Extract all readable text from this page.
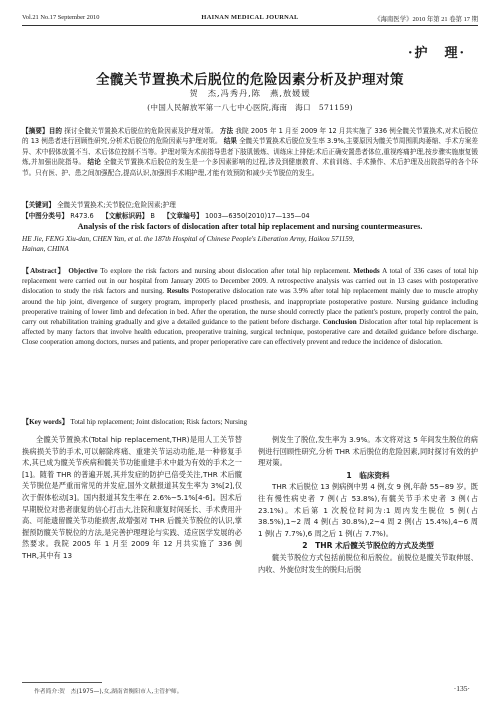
Vol.21 No.17 September 2010	HAINAN MEDICAL JOURNAL	《海南医学》2010 年第 21 卷第 17 期
·护　理·
全髋关节置换术后脱位的危险因素分析及护理对策
贺　杰,冯秀丹,陈　燕,敖媛媛
(中国人民解放军第一八七中心医院,海南　海口　571159)
【摘要】目的 探讨全髋关节置换术后脱位的危险因素及护理对策。 方法 我院 2005 年 1 月至 2009 年 12 月共实施了 336 例全髋关节置换术,对术后脱位的 13 例患者进行回顾性研究,分析术后脱位的危险因素与护理对策。 结果 全髋关节置换术后脱位发生率 3.9%,主要原因为髋关节周围肌肉萎缩、手术方案差异、术中假体放置不当、术后体位控制不当等。护理对策为术前指导患者下肢肌锻炼、训练床上排便;术后正确安置患者体位,重视疼痛护理,按步骤实施康复锻炼,并加强出院指导。 结论 全髋关节置换术后脱位的发生是一个多因素影响的过程,涉及到健康教育、术前训练、手术操作、术后护理及出院指导的各个环节。只有医、护、患之间加强配合,提高认识,加强围手术期护理,才能有效预防和减少关节脱位的发生。
【关键词】 全髋关节置换术;关节脱位;危险因素;护理
【中图分类号】 R473.6 【文献标识码】 B 【文章编号】 1003—6350(2010)17—135—04
Analysis of the risk factors of dislocation after total hip replacement and nursing countermeasures.
HE Jie, FENG Xiu-dan, CHEN Yan, et al. the 187th Hospital of Chinese People's Liberation Army, Haikou 571159,
Hainan, CHINA
【Abstract】 Objective To explore the risk factors and nursing about dislocation after total hip replacement. Methods A total of 336 cases of total hip replacement were carried out in our hospital from January 2005 to December 2009. A retrospective analysis was carried out in 13 cases with postoperative dislocation to study the risk factors and nursing. Results Postoperative dislocation rate was 3.9% after total hip replacement mainly due to muscle atrophy around the hip joint, divergence of surgery program, improperly placed prosthesis, and inappropriate postoperative posture. Nursing guidance including preoperative training of lower limb and defecation in bed. After the operation, the nurse should correctly place the patient's posture, properly control the pain, carry out rehabilitation training gradually and give a detailed guidance to the patient before discharge. Conclusion Dislocation after total hip replacement is affected by many factors that involve health education, preoperative training, surgical technique, postoperative care and detailed guidance before discharge. Close cooperation among doctors, nurses and patients, and proper perioperative care can effectively prevent and reduce the incidence of dislocation.
【Key words】 Total hip replacement; Joint dislocation; Risk factors; Nursing

全髋关节置换术(Total hip replacement,THR)是用人工关节替换病损关节的手术,可以解除疼痛、重建关节运动功能,是一种修复手术,其已成为髋关节疾病和髋关节功能重建手术中最为有效的手术之一[1]。随着 THR 的普遍开展,其并发症的防护已倍受关注,THR 术后髋关节脱位是严重而常见的并发症,国外文献报道其发生率为 3%[2],仅次于假体松动[3]。国内报道其发生率在 2.6%~5.1%[4-6]。因术后早期脱位对患者康复的信心打击大,注院和康复时间延长、手术费用升高、可能遗留髋关节功能损害,故增强对 THR 后髋关节脱位的认识,掌握预防髋关节脱位的方法,是完善护理理论与实践、适应医学发展的必然要求。我院 2005 年 1 月至 2009 年 12 月共实施了 336 例 THR,其中有 13

例发生了脱位,发生率为 3.9%。本文将对这 5 年间发生脱位的病例进行回顾性研究,分析 THR 术后脱位的危险因素,同时探讨有效的护理对策。

1　临床资料

THR 术后脱位 13 例病例中男 4 例,女 9 例,年龄 55~89 岁。既往有慢性病史者 7 例(占 53.8%),有髋关节手术史者 3 例(占 23.1%)。术后第 1 次脱位时间为:1 周内发生脱位 5 例(占 38.5%),1~2 周 4 例(占 30.8%),2~4 周 2 例(占 15.4%),4~6 周 1 例(占 7.7%),6 周之后 1 例(占 7.7%)。

2　THR 术后髋关节脱位的方式及类型

髋关节脱位方式包括前脱位和后脱位。前脱位是髋关节取伸展、内收、外旋位时发生的脱归;后脱

作者简介:贺　杰(1975—),女,湖南省衡阳市人,主管护师。	·135·
